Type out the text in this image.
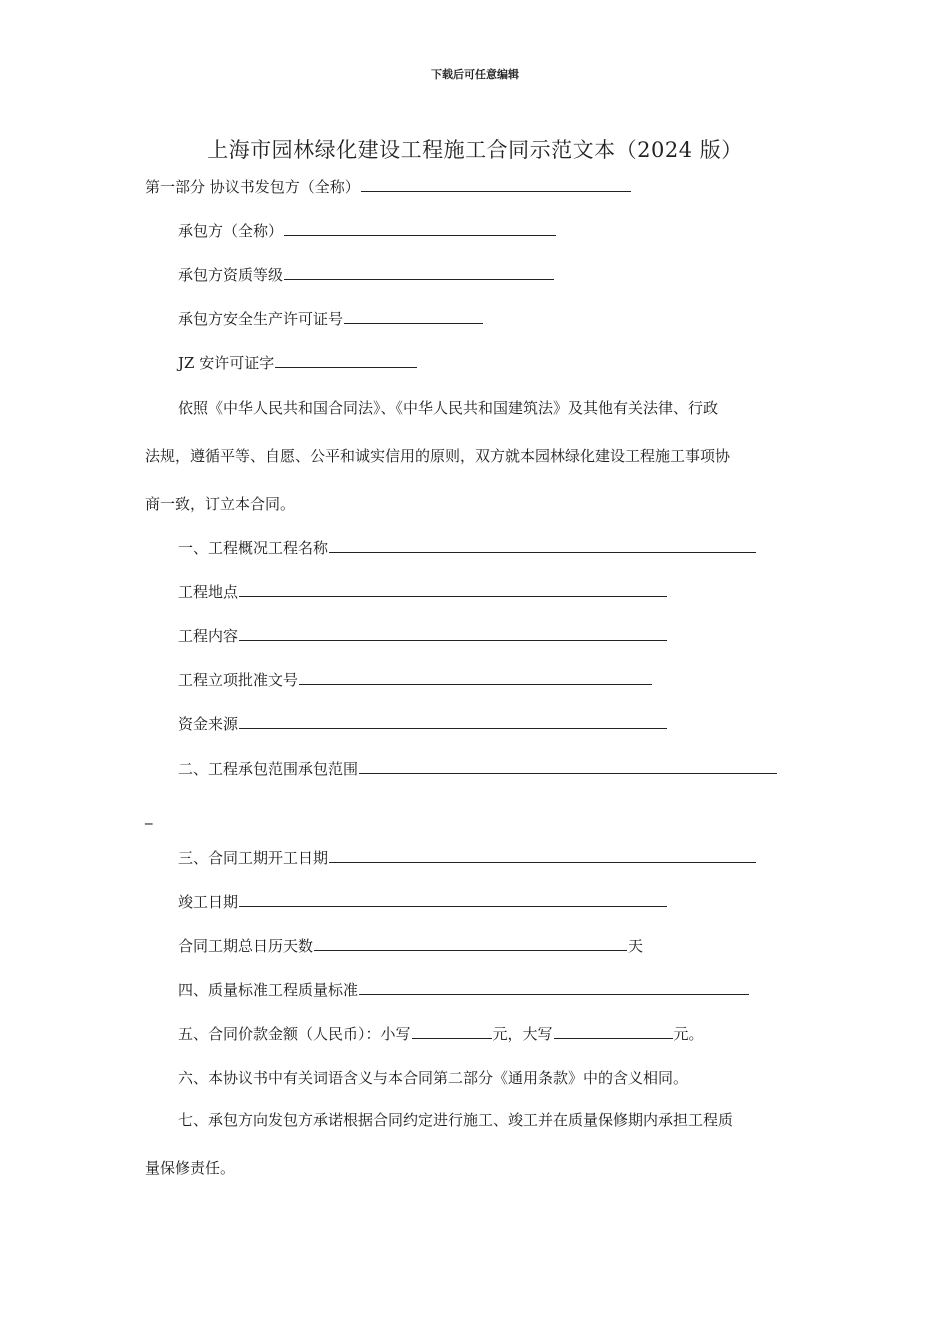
下载后可任意编辑
上海市园林绿化建设工程施工合同示范文本（2024 版）
第一部分 协议书发包方（全称）
承包方（全称）
承包方资质等级
承包方安全生产许可证号
JZ 安许可证字
依照《中华人民共和国合同法》、《中华人民共和国建筑法》及其他有关法律、行政
法规，遵循平等、自愿、公平和诚实信用的原则，双方就本园林绿化建设工程施工事项协
商一致，订立本合同。
一、工程概况工程名称
工程地点
工程内容
工程立项批准文号
资金来源
二、工程承包范围承包范围
_
三、合同工期开工日期
竣工日期
合同工期总日历天数	天
四、质量标准工程质量标准
五、合同价款金额（人民币）：小写	元，大写	元。
六、本协议书中有关词语含义与本合同第二部分《通用条款》中的含义相同。
七、承包方向发包方承诺根据合同约定进行施工、竣工并在质量保修期内承担工程质
量保修责任。
